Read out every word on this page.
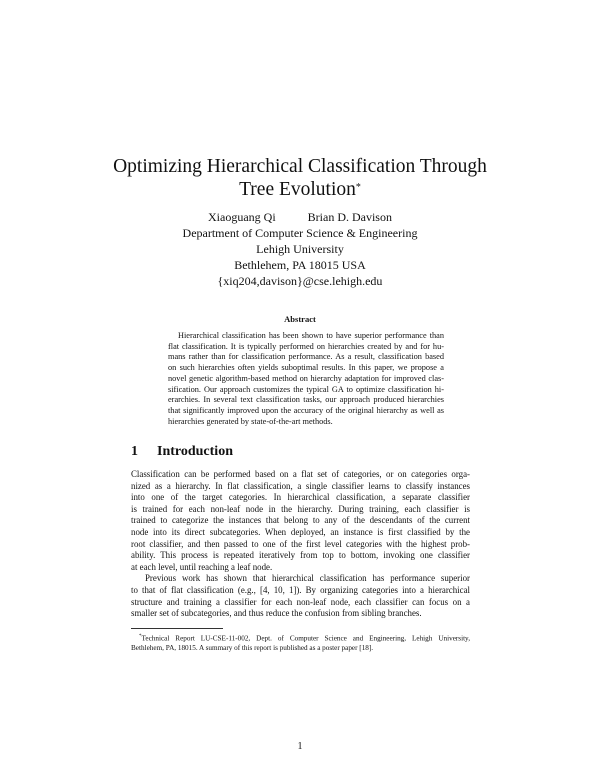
Optimizing Hierarchical Classification Through
Tree Evolution*
Xiaoguang Qi	Brian D. Davison
Department of Computer Science & Engineering
Lehigh University
Bethlehem, PA 18015 USA
{xiq204,davison}@cse.lehigh.edu
Abstract
Hierarchical classification has been shown to have superior performance than
flat classification. It is typically performed on hierarchies created by and for hu-
mans rather than for classification performance. As a result, classification based
on such hierarchies often yields suboptimal results. In this paper, we propose a
novel genetic algorithm-based method on hierarchy adaptation for improved clas-
sification. Our approach customizes the typical GA to optimize classification hi-
erarchies. In several text classification tasks, our approach produced hierarchies
that significantly improved upon the accuracy of the original hierarchy as well as
hierarchies generated by state-of-the-art methods.
1 Introduction
Classification can be performed based on a flat set of categories, or on categories orga-
nized as a hierarchy. In flat classification, a single classifier learns to classify instances
into one of the target categories. In hierarchical classification, a separate classifier
is trained for each non-leaf node in the hierarchy. During training, each classifier is
trained to categorize the instances that belong to any of the descendants of the current
node into its direct subcategories. When deployed, an instance is first classified by the
root classifier, and then passed to one of the first level categories with the highest prob-
ability. This process is repeated iteratively from top to bottom, invoking one classifier
at each level, until reaching a leaf node.
Previous work has shown that hierarchical classification has performance superior
to that of flat classification (e.g., [4, 10, 1]). By organizing categories into a hierarchical
structure and training a classifier for each non-leaf node, each classifier can focus on a
smaller set of subcategories, and thus reduce the confusion from sibling branches.
*Technical Report LU-CSE-11-002, Dept. of Computer Science and Engineering, Lehigh University,
Bethlehem, PA, 18015. A summary of this report is published as a poster paper [18].
1
